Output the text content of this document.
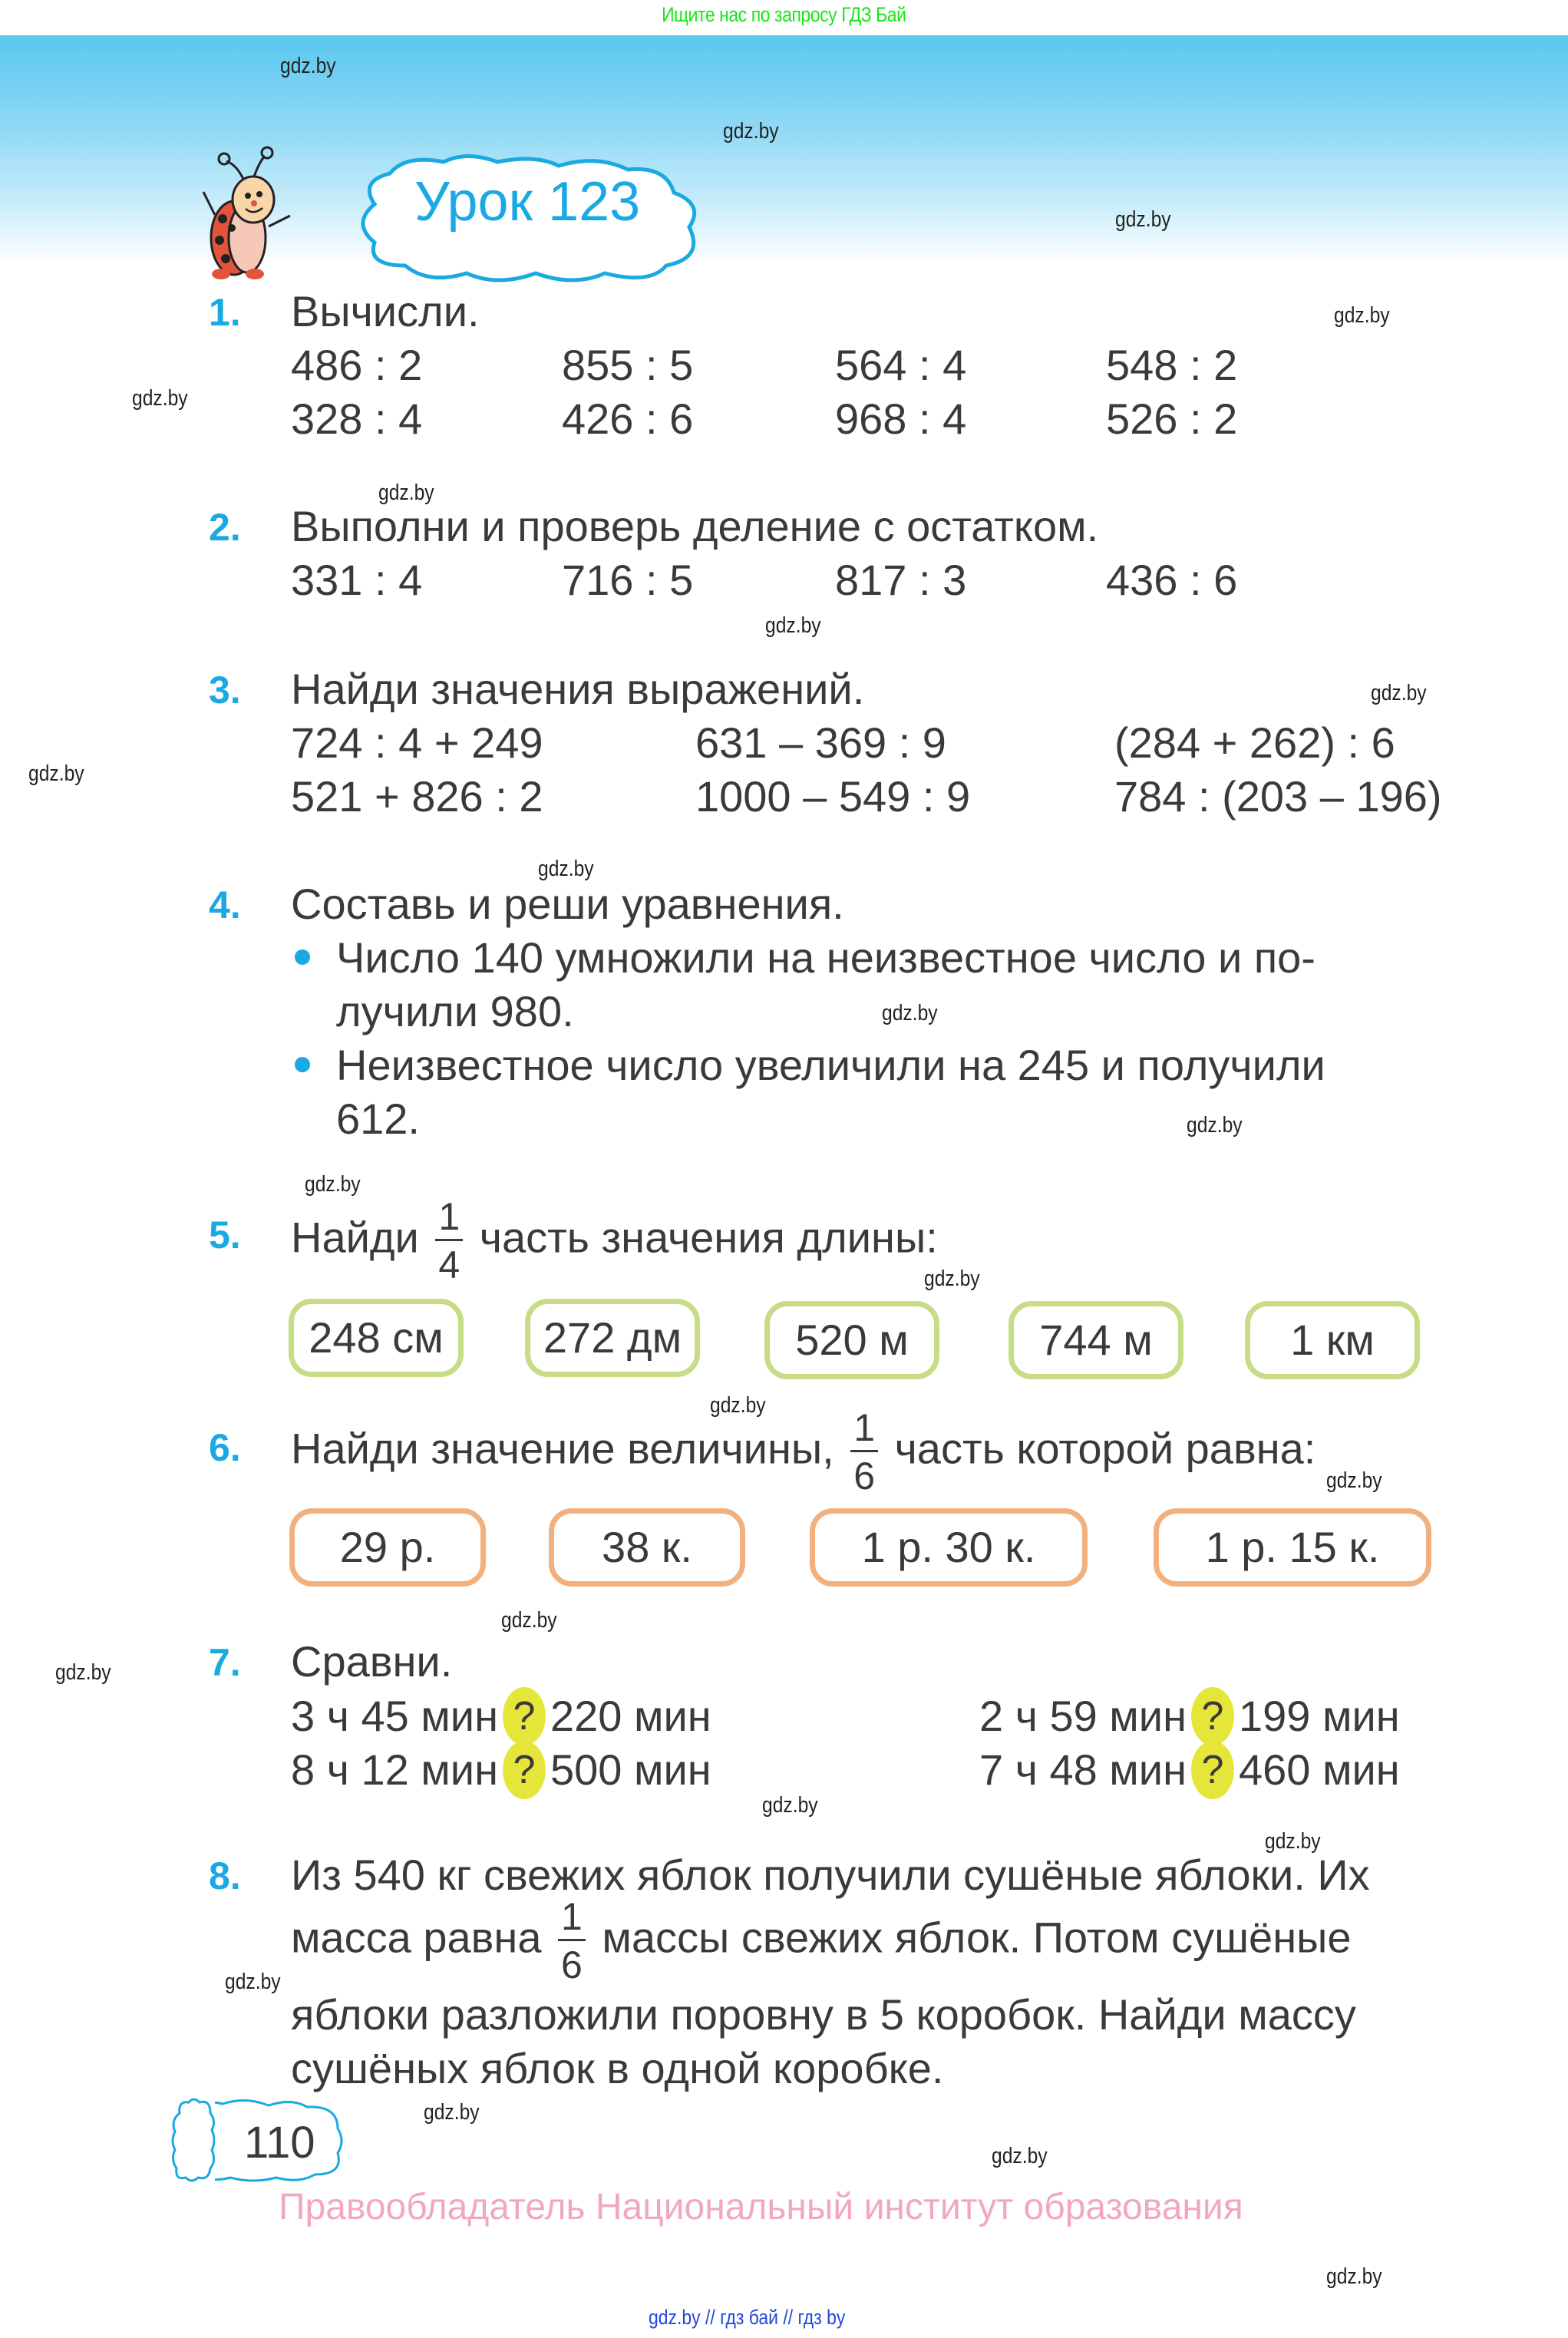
Ищите нас по запросу ГДЗ Бай
Урок 123
gdz.by
gdz.by
gdz.by
gdz.by
gdz.by
gdz.by
gdz.by
gdz.by
gdz.by
gdz.by
gdz.by
gdz.by
gdz.by
gdz.by
gdz.by
gdz.by
gdz.by
gdz.by
gdz.by
gdz.by
gdz.by
gdz.by
gdz.by
gdz.by
1. Вычисли.
486 : 2	855 : 5	564 : 4	548 : 2
328 : 4	426 : 6	968 : 4	526 : 2
2. Выполни и проверь деление с остатком.
331 : 4	716 : 5	817 : 3	436 : 6
3. Найди значения выражений.
724 : 4 + 249	631 – 369 : 9	(284 + 262) : 6
521 + 826 : 2	1000 – 549 : 9	784 : (203 – 196)
4. Составь и реши уравнения.
Число 140 умножили на неизвестное число и по-
лучили 980.
Неизвестное число увеличили на 245 и получили
612.
5. Найди $\frac{1}{4}$ часть значения длины:
248 см	272 дм	520 м	744 м	1 км
6. Найди значение величины, $\frac{1}{6}$ часть которой равна:
29 р.	38 к.	1 р. 30 к.	1 р. 15 к.
7. Сравни.
3 ч 45 мин ? 220 мин	2 ч 59 мин ? 199 мин
8 ч 12 мин ? 500 мин	7 ч 48 мин ? 460 мин
8. Из 540 кг свежих яблок получили сушёные яблоки. Их
масса равна $\frac{1}{6}$ массы свежих яблок. Потом сушёные
яблоки разложили поровну в 5 коробок. Найди массу
сушёных яблок в одной коробке.
110
Правообладатель Национальный институт образования
gdz.by // гдз бай // гдз by
